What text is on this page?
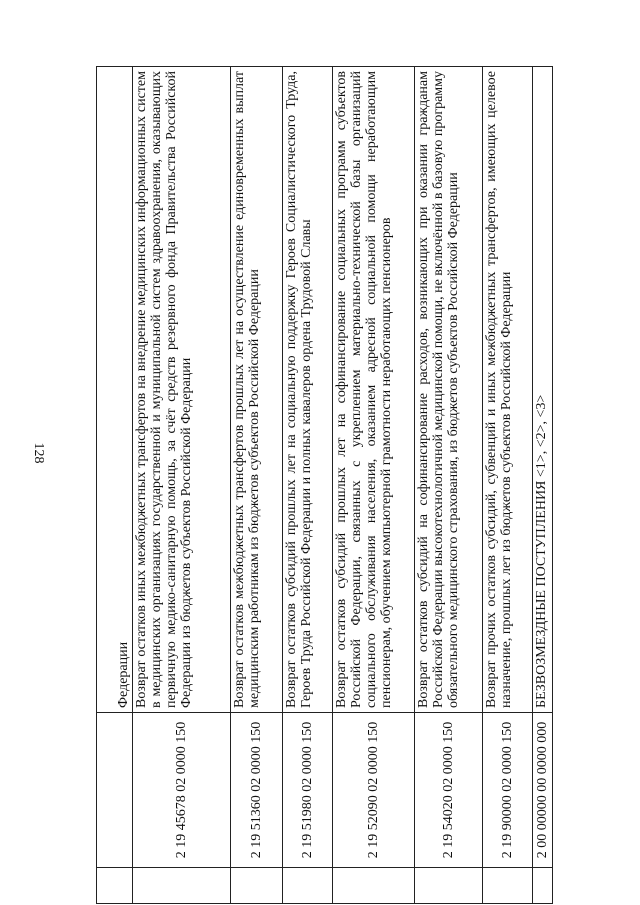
128
		Федерации
	2 19 45678 02 0000 150	Возврат остатков иных межбюджетных трансфертов на внедрение медицинских информационных систем в медицинских организациях государственной и муниципальной систем здравоохранения, оказывающих первичную медико-санитарную помощь, за счёт средств резервного фонда Правительства Российской Федерации из бюджетов субъектов Российской Федерации
	2 19 51360 02 0000 150	Возврат остатков межбюджетных трансфертов прошлых лет на осуществление единовременных выплат медицинским работникам из бюджетов субъектов Российской Федерации
	2 19 51980 02 0000 150	Возврат остатков субсидий прошлых лет на социальную поддержку Героев Социалистического Труда, Героев Труда Российской Федерации и полных кавалеров ордена Трудовой Славы
	2 19 52090 02 0000 150	Возврат остатков субсидий прошлых лет на софинансирование социальных программ субъектов Российской Федерации, связанных с укреплением материально-технической базы организаций социального обслуживания населения, оказанием адресной социальной помощи неработающим пенсионерам, обучением компьютерной грамотности неработающих пенсионеров
	2 19 54020 02 0000 150	Возврат остатков субсидий на софинансирование расходов, возникающих при оказании гражданам Российской Федерации высокотехнологичной медицинской помощи, не включённой в базовую программу обязательного медицинского страхования, из бюджетов субъектов Российской Федерации
	2 19 90000 02 0000 150	Возврат прочих остатков субсидий, субвенций и иных межбюджетных трансфертов, имеющих целевое назначение, прошлых лет из бюджетов субъектов Российской Федерации
	2 00 00000 00 0000 000	БЕЗВОЗМЕЗДНЫЕ ПОСТУПЛЕНИЯ <1>, <2>, <3>
